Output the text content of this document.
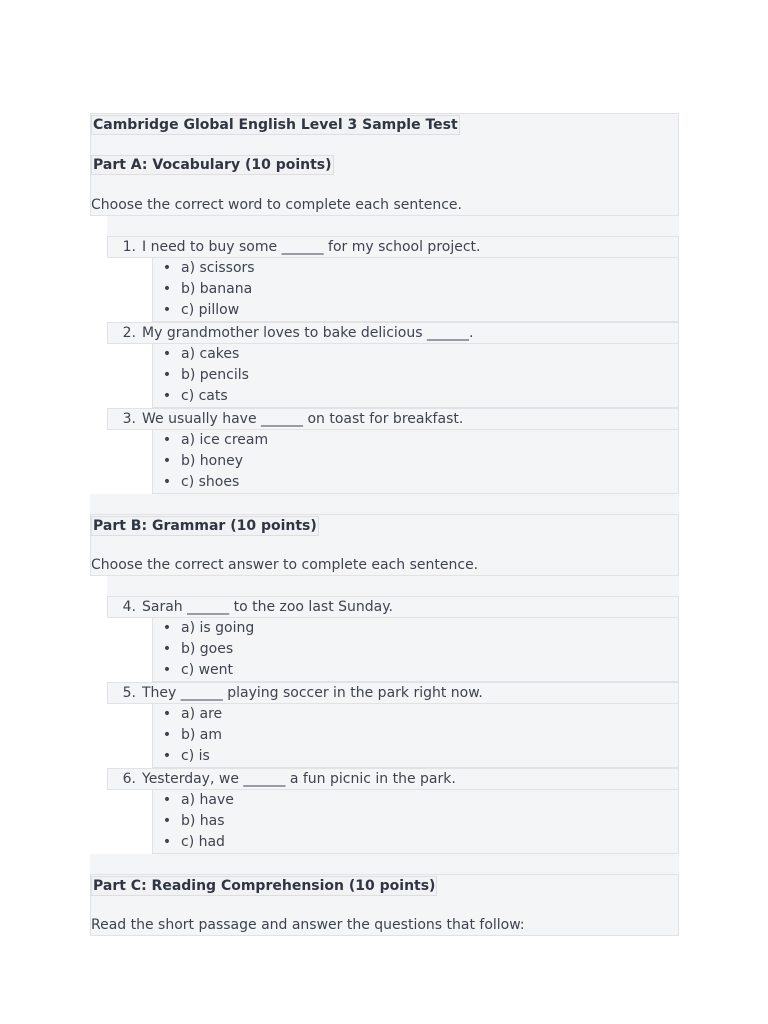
Cambridge Global English Level 3 Sample Test
Part A: Vocabulary (10 points)
Choose the correct word to complete each sentence.
1. I need to buy some ______ for my school project.
• a) scissors
• b) banana
• c) pillow
2. My grandmother loves to bake delicious ______.
• a) cakes
• b) pencils
• c) cats
3. We usually have ______ on toast for breakfast.
• a) ice cream
• b) honey
• c) shoes
Part B: Grammar (10 points)
Choose the correct answer to complete each sentence.
4. Sarah ______ to the zoo last Sunday.
• a) is going
• b) goes
• c) went
5. They ______ playing soccer in the park right now.
• a) are
• b) am
• c) is
6. Yesterday, we ______ a fun picnic in the park.
• a) have
• b) has
• c) had
Part C: Reading Comprehension (10 points)
Read the short passage and answer the questions that follow:
